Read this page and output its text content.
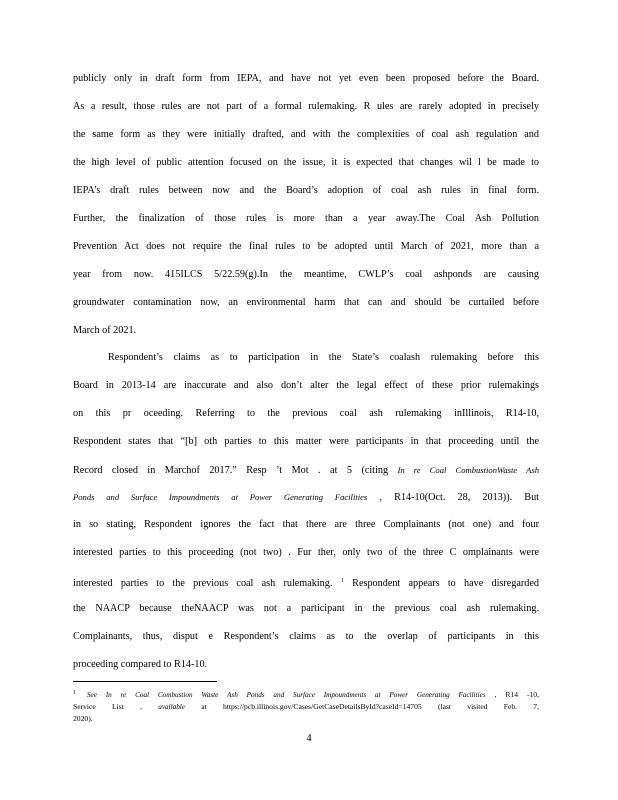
publicly only in draft form from IEPA, and have not yet even been proposed before the Board.
As a result, those rules are not part of a formal rulemaking. R ules are rarely adopted in precisely
the same form as they were initially drafted, and with the complexities of coal ash regulation and
the high level of public attention focused on the issue, it is expected that changes wil l be made to
IEPA’s draft rules between now and the Board’s adoption of coal ash rules in final form.
Further, the finalization of those rules is more than a year away.The Coal Ash Pollution
Prevention Act does not require the final rules to be adopted until March of 2021, more than a
year from now. 415ILCS 5/22.59(g).In the meantime, CWLP’s coal ashponds are causing
groundwater contamination now, an environmental harm that can and should be curtailed before
March of 2021.
Respondent’s claims as to participation in the State’s coalash rulemaking before this
Board in 2013-14 are inaccurate and also don’t alter the legal effect of these prior rulemakings
on this pr oceeding. Referring to the previous coal ash rulemaking inIllinois, R14-10,
Respondent states that “[b] oth parties to this matter were participants in that proceeding until the
Record closed in Marchof 2017.” Resp ’t Mot . at 5 (citing In re Coal CombustionWaste Ash
Ponds and Surface Impoundments at Power Generating Facilities , R14-10(Oct. 28, 2013)). But
in so stating, Respondent ignores the fact that there are three Complainants (not one) and four
interested parties to this proceeding (not two) . Fur ther, only two of the three C omplainants were
interested parties to the previous coal ash rulemaking. $^1$ Respondent appears to have disregarded
the NAACP because theNAACP was not a participant in the previous coal ash rulemaking.
Complainants, thus, disput e Respondent’s claims as to the overlap of participants in this
proceeding compared to R14-10.
$^1$ See In re Coal Combustion Waste Ash Ponds and Surface Impoundments at Power Generating Facilities , R14 -10,
Service List , available at https://pcb.illinois.gov/Cases/GetCaseDetailsById?caseId=14705 (last visited Feb. 7,
2020).
4
